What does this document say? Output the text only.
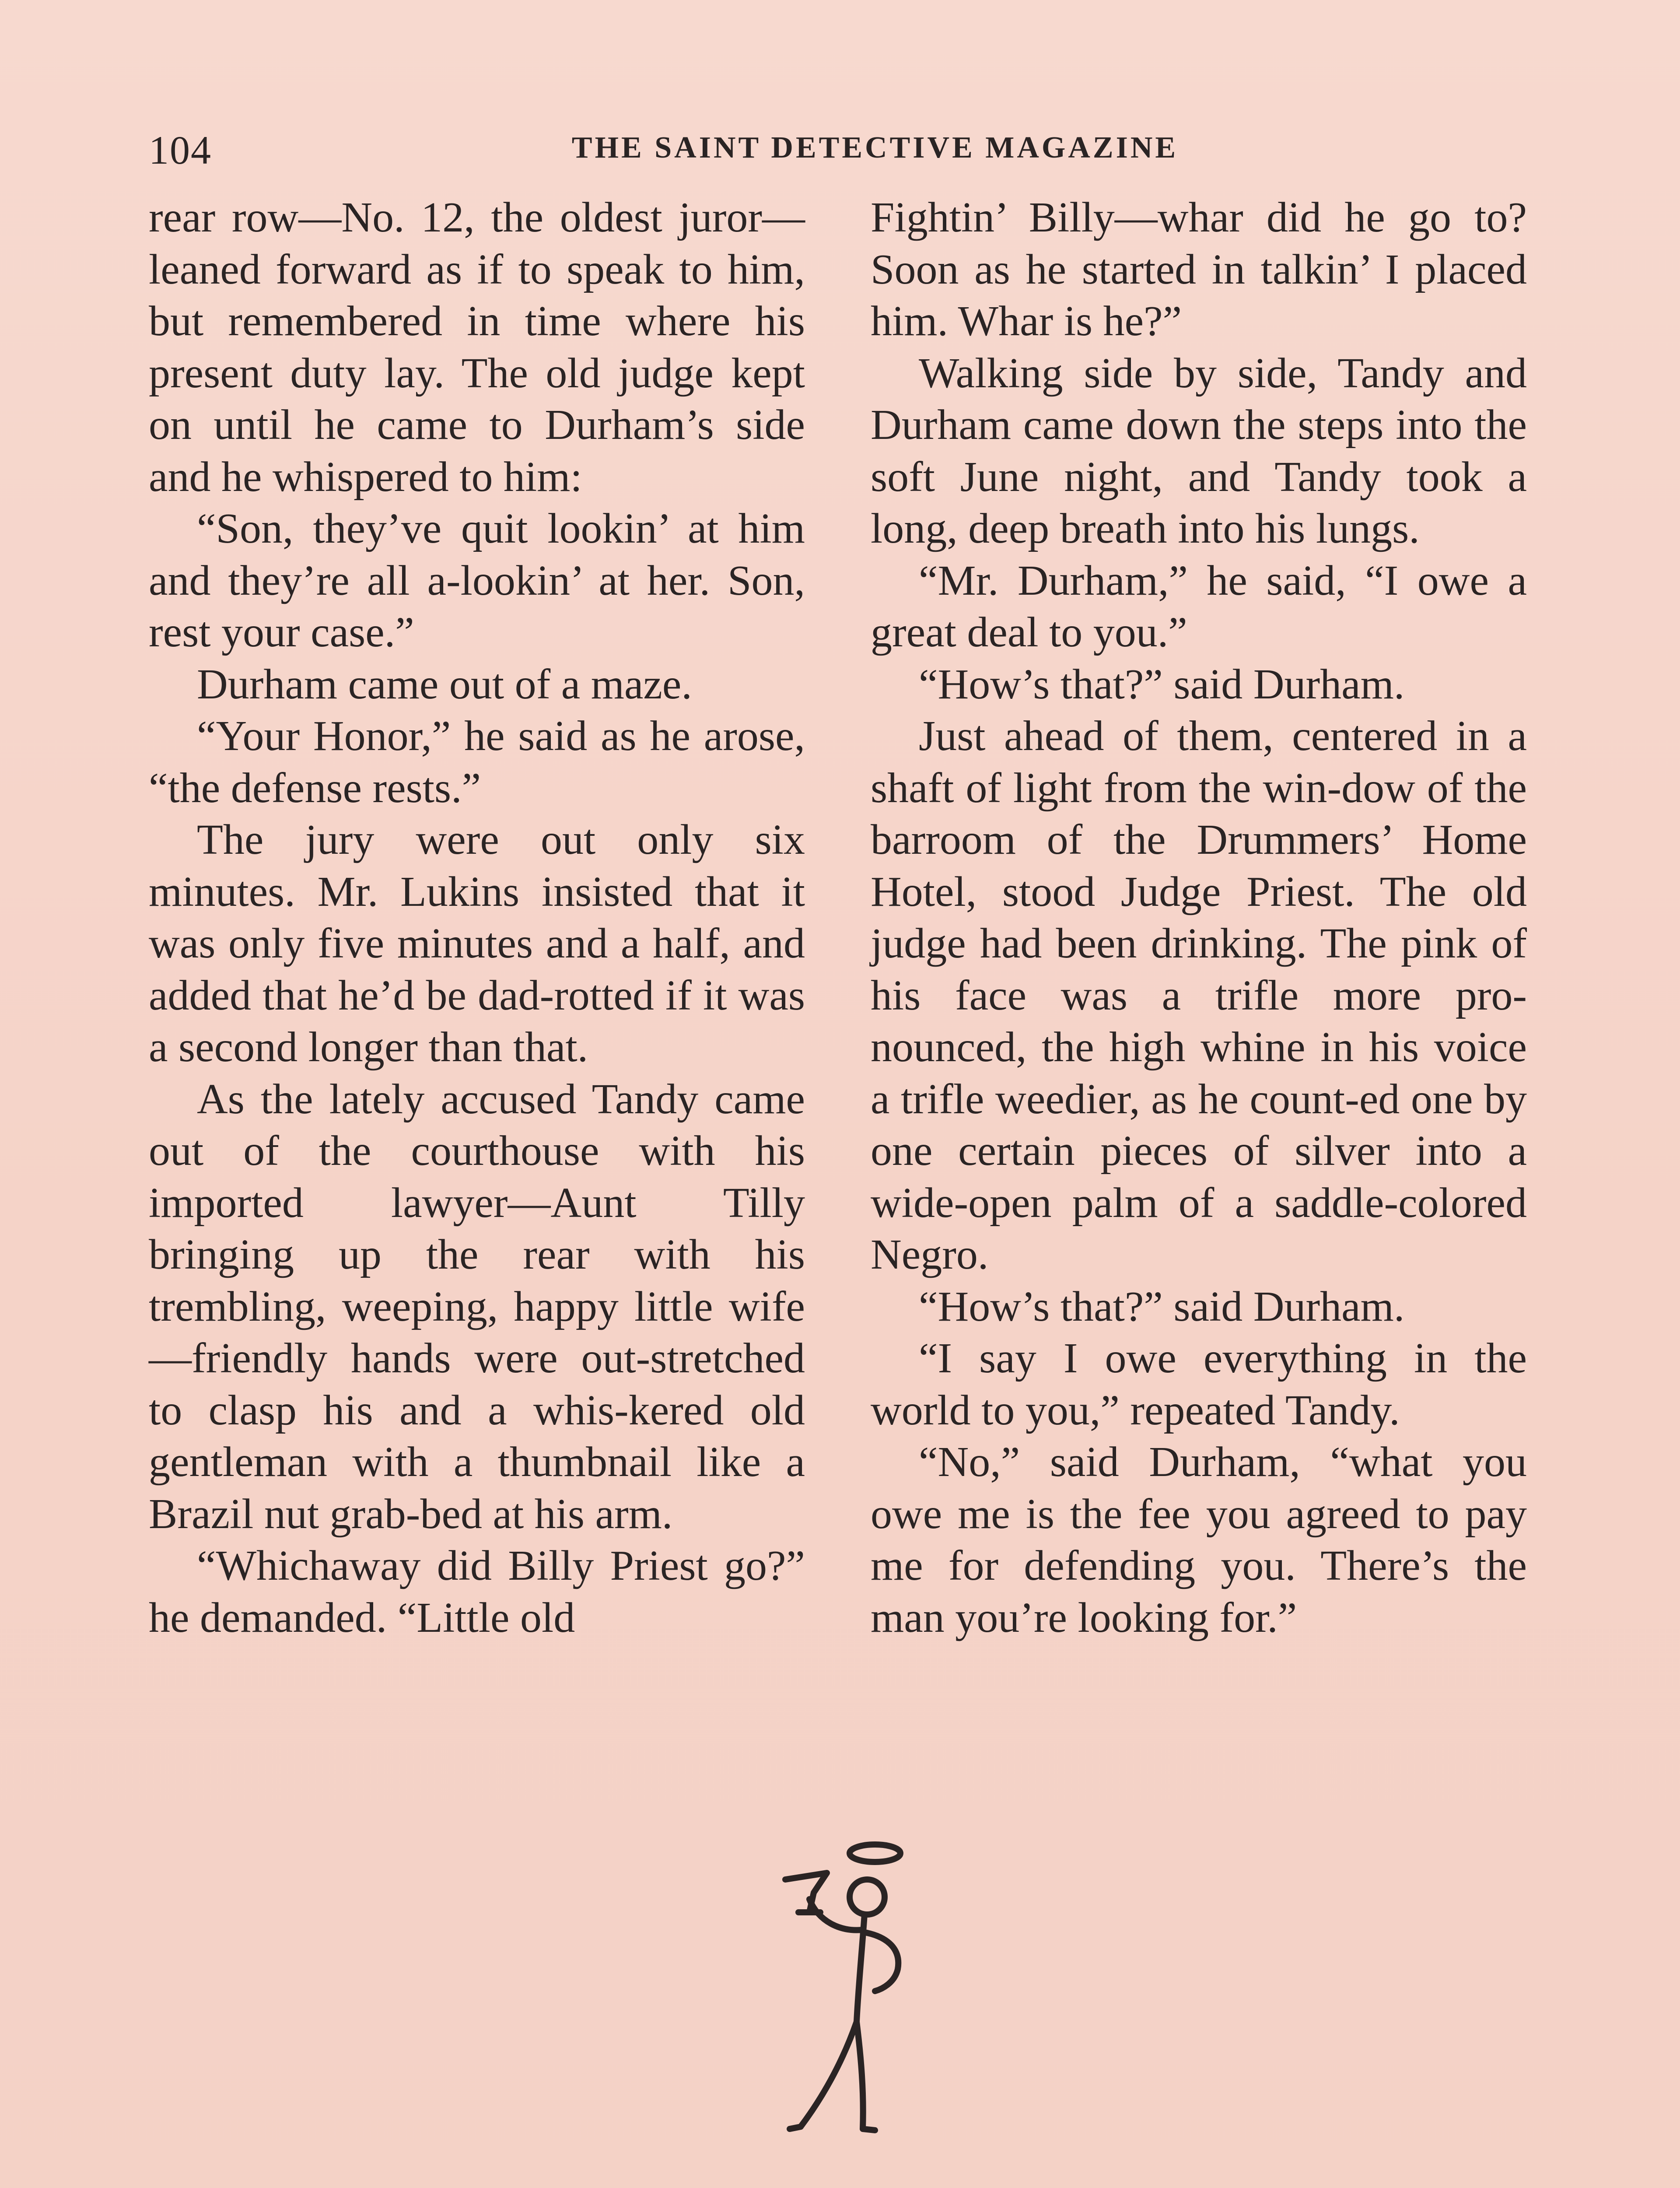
104	THE SAINT DETECTIVE MAGAZINE

rear row—No. 12, the oldest juror—leaned forward as if to speak to him, but remembered in time where his present duty lay. The old judge kept on until he came to Durham’s side and he whispered to him:

“Son, they’ve quit lookin’ at him and they’re all a-lookin’ at her. Son, rest your case.”

Durham came out of a maze.

“Your Honor,” he said as he arose, “the defense rests.”

The jury were out only six minutes. Mr. Lukins insisted that it was only five minutes and a half, and added that he’d be dad-rotted if it was a second longer than that.

As the lately accused Tandy came out of the courthouse with his imported lawyer—Aunt Tilly bringing up the rear with his trembling, weeping, happy little wife—friendly hands were out-stretched to clasp his and a whis-kered old gentleman with a thumbnail like a Brazil nut grab-bed at his arm.

“Whichaway did Billy Priest go?” he demanded. “Little old

Fightin’ Billy—whar did he go to? Soon as he started in talkin’ I placed him. Whar is he?”

Walking side by side, Tandy and Durham came down the steps into the soft June night, and Tandy took a long, deep breath into his lungs.

“Mr. Durham,” he said, “I owe a great deal to you.”

“How’s that?” said Durham.

Just ahead of them, centered in a shaft of light from the win-dow of the barroom of the Drummers’ Home Hotel, stood Judge Priest. The old judge had been drinking. The pink of his face was a trifle more pro-nounced, the high whine in his voice a trifle weedier, as he count-ed one by one certain pieces of silver into a wide-open palm of a saddle-colored Negro.

“How’s that?” said Durham.

“I say I owe everything in the world to you,” repeated Tandy.

“No,” said Durham, “what you owe me is the fee you agreed to pay me for defending you. There’s the man you’re looking for.”
